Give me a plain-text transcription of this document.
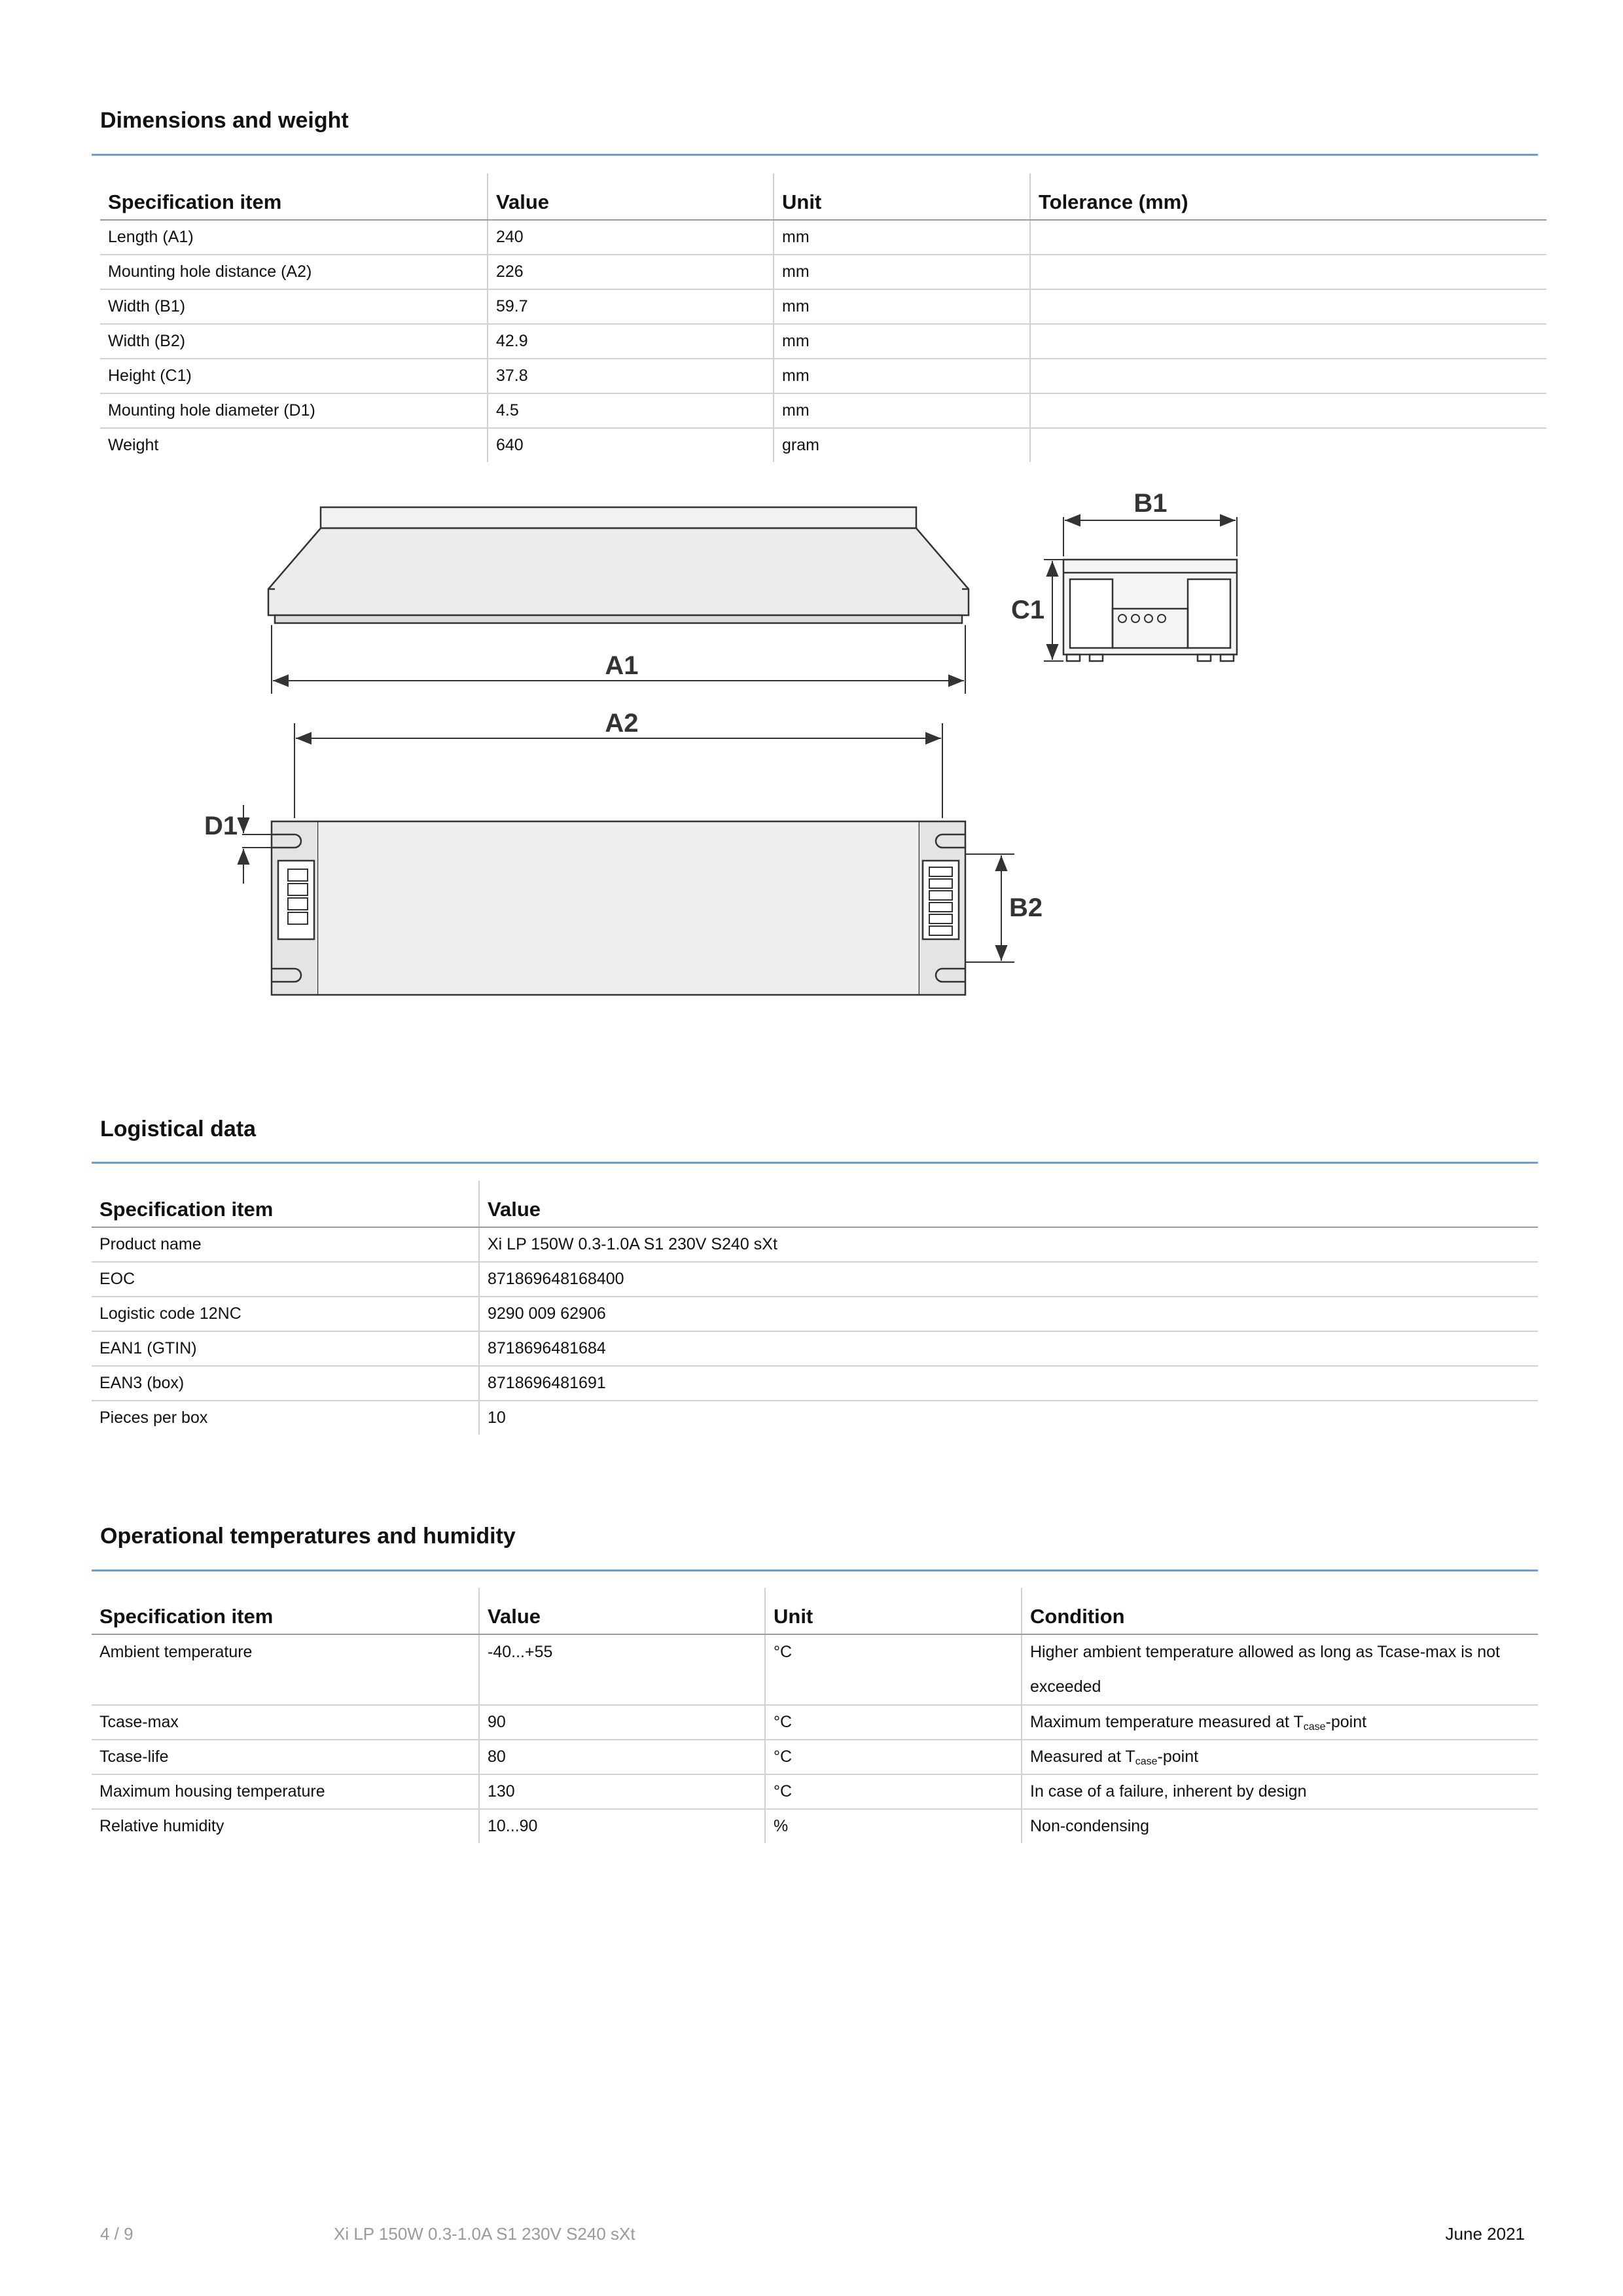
Dimensions and weight
Specification item	Value	Unit	Tolerance (mm)
Length (A1)	240	mm	
Mounting hole distance (A2)	226	mm	
Width (B1)	59.7	mm	
Width (B2)	42.9	mm	
Height (C1)	37.8	mm	
Mounting hole diameter (D1)	4.5	mm	
Weight	640	gram	
A1
A2
B1
C1
B2
D1
Logistical data
Specification item	Value
Product name	Xi LP 150W 0.3-1.0A S1 230V S240 sXt
EOC	871869648168400
Logistic code 12NC	9290 009 62906
EAN1 (GTIN)	8718696481684
EAN3 (box)	8718696481691
Pieces per box	10
Operational temperatures and humidity
Specification item	Value	Unit	Condition
Ambient temperature	-40...+55	°C	Higher ambient temperature allowed as long as Tcase-max is not exceeded
Tcase-max	90	°C	Maximum temperature measured at $T_{case}$-point
Tcase-life	80	°C	Measured at $T_{case}$-point
Maximum housing temperature	130	°C	In case of a failure, inherent by design
Relative humidity	10...90	%	Non-condensing
4 / 9	Xi LP 150W 0.3-1.0A S1 230V S240 sXt	June 2021
